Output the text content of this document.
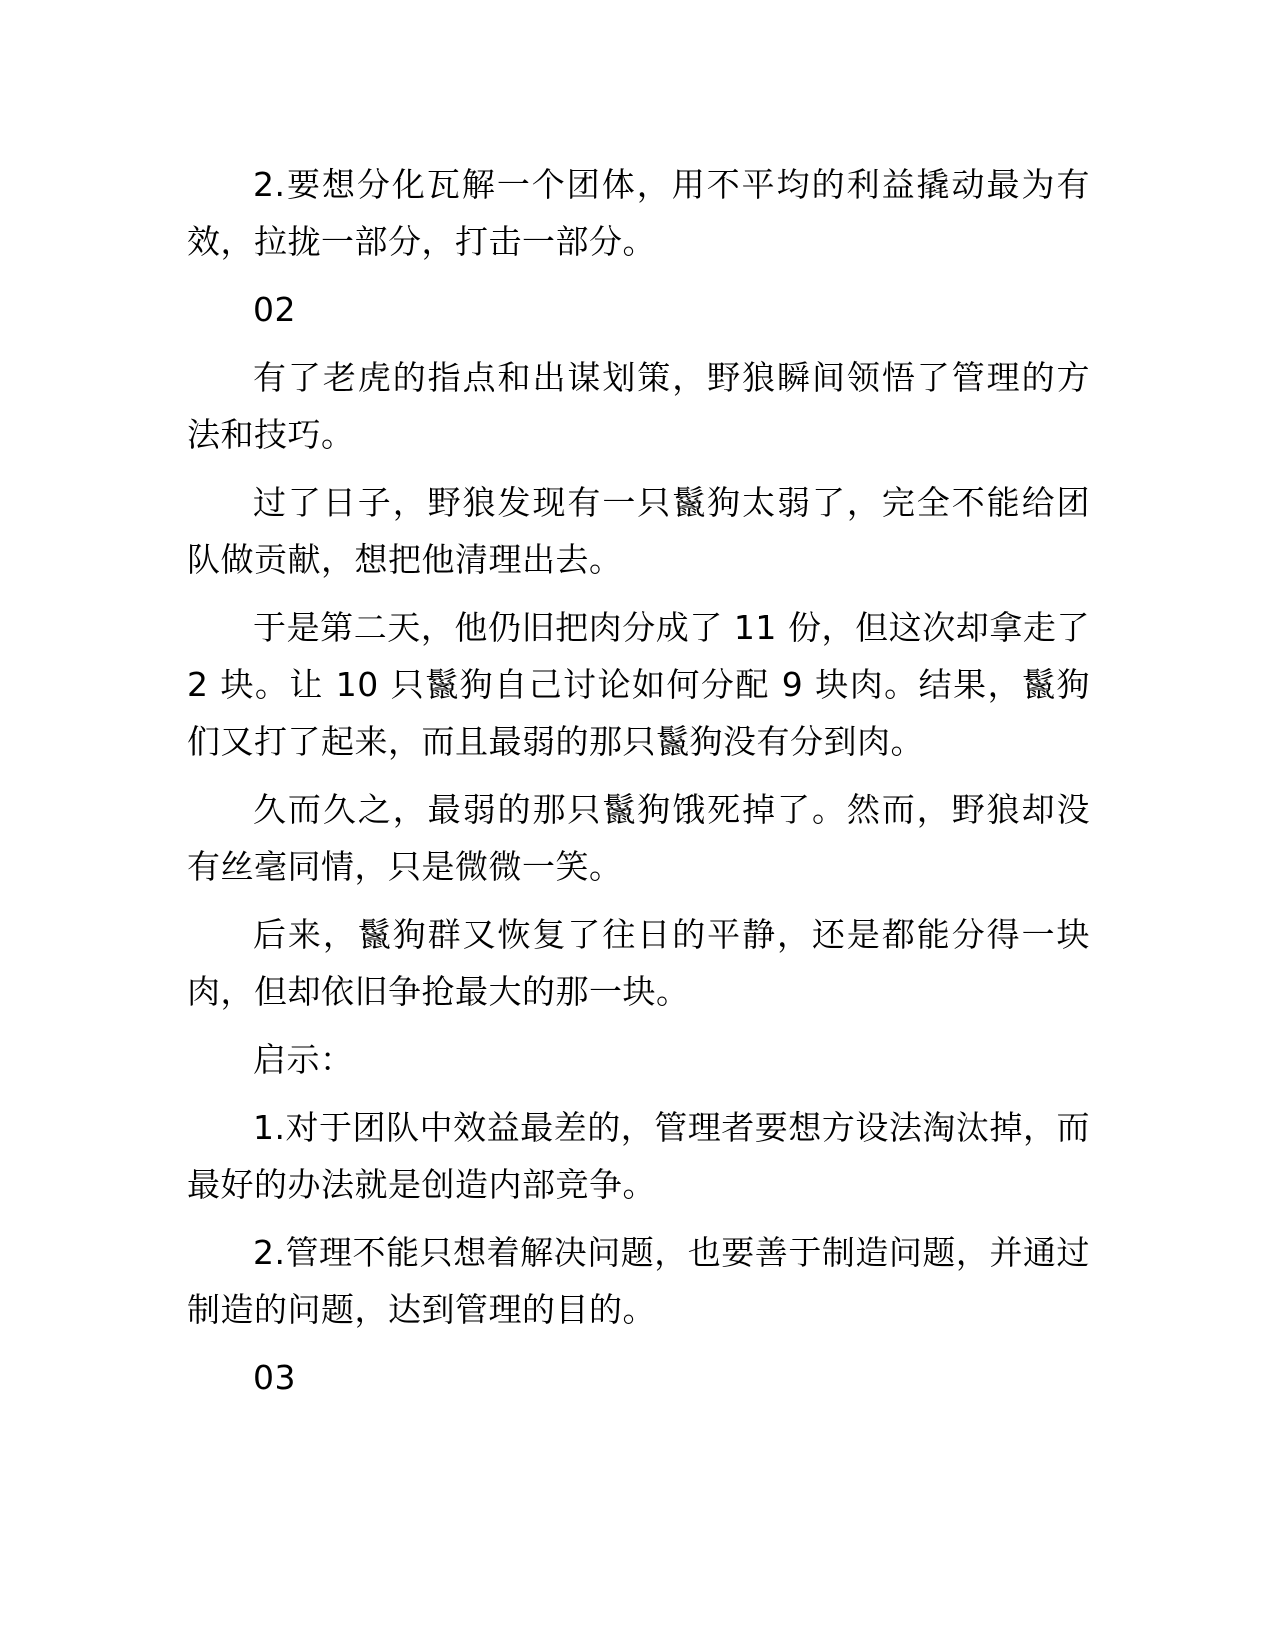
2.要想分化瓦解一个团体，用不平均的利益撬动最为有效，拉拢一部分，打击一部分。

02

有了老虎的指点和出谋划策，野狼瞬间领悟了管理的方法和技巧。

过了日子，野狼发现有一只鬣狗太弱了，完全不能给团队做贡献，想把他清理出去。

于是第二天，他仍旧把肉分成了 11 份，但这次却拿走了 2 块。让 10 只鬣狗自己讨论如何分配 9 块肉。结果，鬣狗们又打了起来，而且最弱的那只鬣狗没有分到肉。

久而久之，最弱的那只鬣狗饿死掉了。然而，野狼却没有丝毫同情，只是微微一笑。

后来，鬣狗群又恢复了往日的平静，还是都能分得一块肉，但却依旧争抢最大的那一块。

启示：

1.对于团队中效益最差的，管理者要想方设法淘汰掉，而最好的办法就是创造内部竞争。

2.管理不能只想着解决问题，也要善于制造问题，并通过制造的问题，达到管理的目的。

03
